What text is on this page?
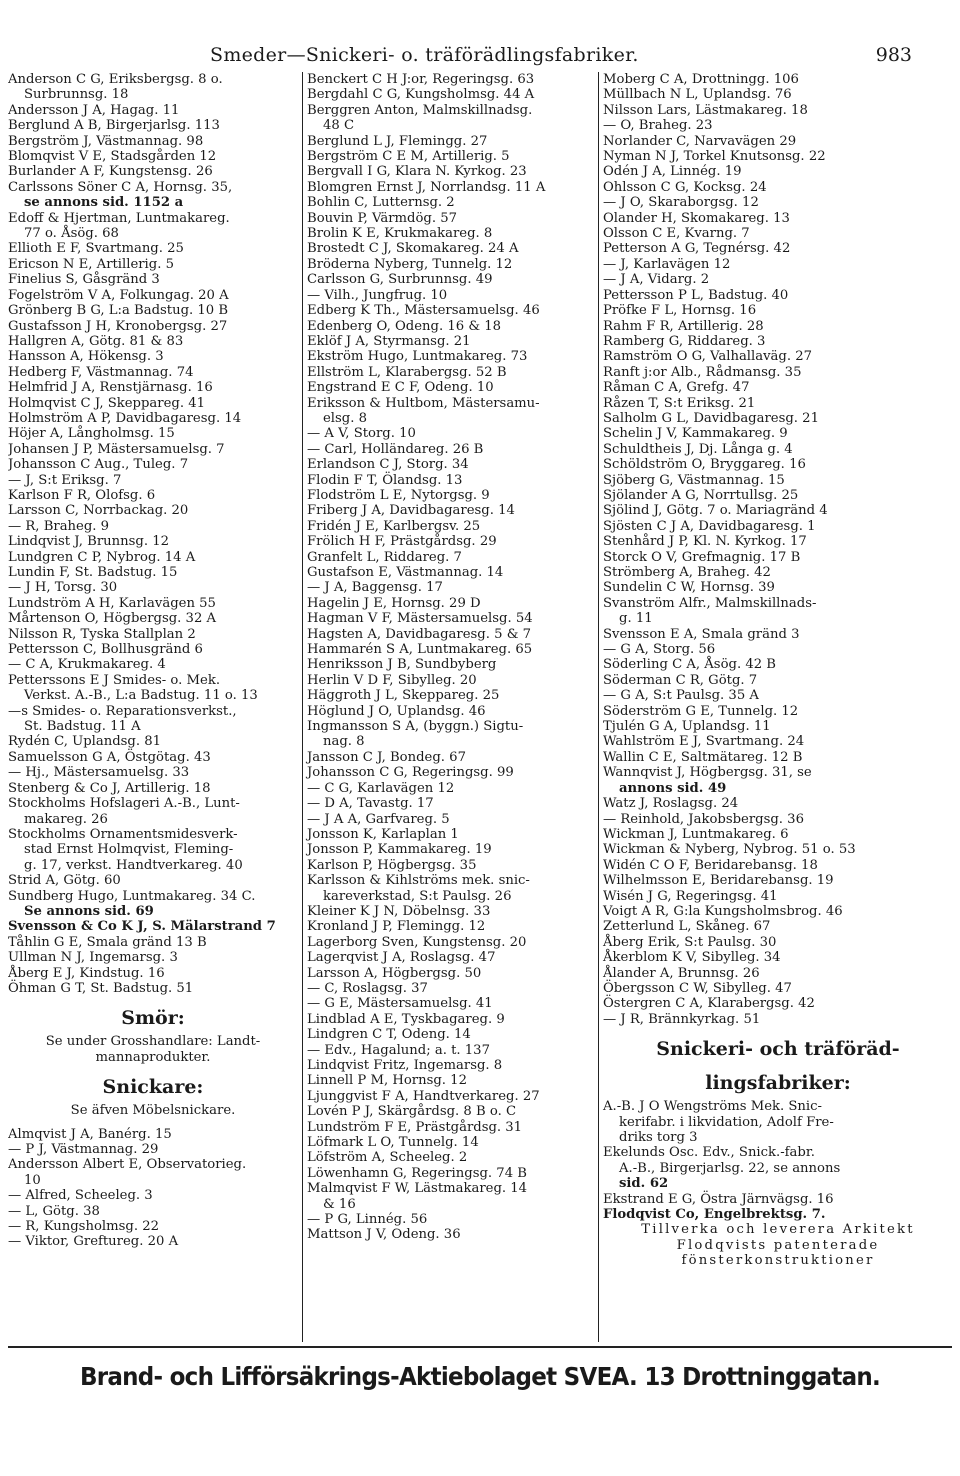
Smeder—Snickeri- o. träförädlingsfabriker.	983
Anderson C G, Eriksbergsg. 8 o.
Surbrunnsg. 18
Andersson J A, Hagag. 11
Berglund A B, Birgerjarlsg. 113
Bergström J, Västmannag. 98
Blomqvist V E, Stadsgården 12
Burlander A F, Kungstensg. 26
Carlssons Söner C A, Hornsg. 35,
se annons sid. 1152 a
Edoff & Hjertman, Luntmakareg.
77 o. Åsög. 68
Ellioth E F, Svartmang. 25
Ericson N E, Artillerig. 5
Finelius S, Gåsgränd 3
Fogelström V A, Folkungag. 20 A
Grönberg B G, L:a Badstug. 10 B
Gustafsson J H, Kronobergsg. 27
Hallgren A, Götg. 81 & 83
Hansson A, Hökensg. 3
Hedberg F, Västmannag. 74
Helmfrid J A, Renstjärnasg. 16
Holmqvist C J, Skeppareg. 41
Holmström A P, Davidbagaresg. 14
Höjer A, Långholmsg. 15
Johansen J P, Mästersamuelsg. 7
Johansson C Aug., Tuleg. 7
— J, S:t Eriksg. 7
Karlson F R, Olofsg. 6
Larsson C, Norrbackag. 20
— R, Braheg. 9
Lindqvist J, Brunnsg. 12
Lundgren C P, Nybrog. 14 A
Lundin F, St. Badstug. 15
— J H, Torsg. 30
Lundström A H, Karlavägen 55
Mårtenson O, Högbergsg. 32 A
Nilsson R, Tyska Stallplan 2
Pettersson C, Bollhusgränd 6
— C A, Krukmakareg. 4
Petterssons E J Smides- o. Mek.
Verkst. A.-B., L:a Badstug. 11 o. 13
—s Smides- o. Reparationsverkst.,
St. Badstug. 11 A
Rydén C, Uplandsg. 81
Samuelsson G A, Östgötag. 43
— Hj., Mästersamuelsg. 33
Stenberg & Co J, Artillerig. 18
Stockholms Hofslageri A.-B., Lunt-
makareg. 26
Stockholms Ornamentsmidesverk-
stad Ernst Holmqvist, Fleming-
g. 17, verkst. Handtverkareg. 40
Strid A, Götg. 60
Sundberg Hugo, Luntmakareg. 34 C.
Se annons sid. 69
Svensson & Co K J, S. Mälarstrand 7
Tåhlin G E, Smala gränd 13 B
Ullman N J, Ingemarsg. 3
Åberg E J, Kindstug. 16
Öhman G T, St. Badstug. 51
Smör:
Se under Grosshandlare: Landt-
mannaprodukter.
Snickare:
Se äfven Möbelsnickare.
Almqvist J A, Banérg. 15
— P J, Västmannag. 29
Andersson Albert E, Observatorieg.
10
— Alfred, Scheeleg. 3
— L, Götg. 38
— R, Kungsholmsg. 22
— Viktor, Greftureg. 20 A
Benckert C H J:or, Regeringsg. 63
Bergdahl C G, Kungsholmsg. 44 A
Berggren Anton, Malmskillnadsg.
48 C
Berglund L J, Flemingg. 27
Bergström C E M, Artillerig. 5
Bergvall I G, Klara N. Kyrkog. 23
Blomgren Ernst J, Norrlandsg. 11 A
Bohlin C, Lutternsg. 2
Bouvin P, Värmdög. 57
Brolin K E, Krukmakareg. 8
Brostedt C J, Skomakareg. 24 A
Bröderna Nyberg, Tunnelg. 12
Carlsson G, Surbrunnsg. 49
— Vilh., Jungfrug. 10
Edberg K Th., Mästersamuelsg. 46
Edenberg O, Odeng. 16 & 18
Eklöf J A, Styrmansg. 21
Ekström Hugo, Luntmakareg. 73
Ellström L, Klarabergsg. 52 B
Engstrand E C F, Odeng. 10
Eriksson & Hultbom, Mästersamu-
elsg. 8
— A V, Storg. 10
— Carl, Holländareg. 26 B
Erlandson C J, Storg. 34
Flodin F T, Ölandsg. 13
Flodström L E, Nytorgsg. 9
Friberg J A, Davidbagaresg. 14
Fridén J E, Karlbergsv. 25
Frölich H F, Prästgårdsg. 29
Granfelt L, Riddareg. 7
Gustafson E, Västmannag. 14
— J A, Baggensg. 17
Hagelin J E, Hornsg. 29 D
Hagman V F, Mästersamuelsg. 54
Hagsten A, Davidbagaresg. 5 & 7
Hammarén S A, Luntmakareg. 65
Henriksson J B, Sundbyberg
Herlin V D F, Sibylleg. 20
Häggroth J L, Skeppareg. 25
Höglund J O, Uplandsg. 46
Ingmansson S A, (byggn.) Sigtu-
nag. 8
Jansson C J, Bondeg. 67
Johansson C G, Regeringsg. 99
— C G, Karlavägen 12
— D A, Tavastg. 17
— J A A, Garfvareg. 5
Jonsson K, Karlaplan 1
Jonsson P, Kammakareg. 19
Karlson P, Högbergsg. 35
Karlsson & Kihlströms mek. snic-
kareverkstad, S:t Paulsg. 26
Kleiner K J N, Döbelnsg. 33
Kronland J P, Flemingg. 12
Lagerborg Sven, Kungstensg. 20
Lagerqvist J A, Roslagsg. 47
Larsson A, Högbergsg. 50
— C, Roslagsg. 37
— G E, Mästersamuelsg. 41
Lindblad A E, Tyskbagareg. 9
Lindgren C T, Odeng. 14
— Edv., Hagalund; a. t. 137
Lindqvist Fritz, Ingemarsg. 8
Linnell P M, Hornsg. 12
Ljunggvist F A, Handtverkareg. 27
Lovén P J, Skärgårdsg. 8 B o. C
Lundström F E, Prästgårdsg. 31
Löfmark L O, Tunnelg. 14
Löfström A, Scheeleg. 2
Löwenhamn G, Regeringsg. 74 B
Malmqvist F W, Lästmakareg. 14
& 16
— P G, Linnég. 56
Mattson J V, Odeng. 36
Moberg C A, Drottningg. 106
Müllbach N L, Uplandsg. 76
Nilsson Lars, Lästmakareg. 18
— O, Braheg. 23
Norlander C, Narvavägen 29
Nyman N J, Torkel Knutsonsg. 22
Odén J A, Linnég. 19
Ohlsson C G, Kocksg. 24
— J O, Skaraborgsg. 12
Olander H, Skomakareg. 13
Olsson C E, Kvarng. 7
Petterson A G, Tegnérsg. 42
— J, Karlavägen 12
— J A, Vidarg. 2
Pettersson P L, Badstug. 40
Pröfke F L, Hornsg. 16
Rahm F R, Artillerig. 28
Ramberg G, Riddareg. 3
Ramström O G, Valhallaväg. 27
Ranft j:or Alb., Rådmansg. 35
Råman C A, Grefg. 47
Råzen T, S:t Eriksg. 21
Salholm G L, Davidbagaresg. 21
Schelin J V, Kammakareg. 9
Schuldtheis J, Dj. Långa g. 4
Schöldström O, Bryggareg. 16
Sjöberg G, Västmannag. 15
Sjölander A G, Norrtullsg. 25
Sjölind J, Götg. 7 o. Mariagränd 4
Sjösten C J A, Davidbagaresg. 1
Stenhård J P, Kl. N. Kyrkog. 17
Storck O V, Grefmagnig. 17 B
Strömberg A, Braheg. 42
Sundelin C W, Hornsg. 39
Svanström Alfr., Malmskillnads-
g. 11
Svensson E A, Smala gränd 3
— G A, Storg. 56
Söderling C A, Åsög. 42 B
Söderman C R, Götg. 7
— G A, S:t Paulsg. 35 A
Söderström G E, Tunnelg. 12
Tjulén G A, Uplandsg. 11
Wahlström E J, Svartmang. 24
Wallin C E, Saltmätareg. 12 B
Wannqvist J, Högbergsg. 31, se
annons sid. 49
Watz J, Roslagsg. 24
— Reinhold, Jakobsbergsg. 36
Wickman J, Luntmakareg. 6
Wickman & Nyberg, Nybrog. 51 o. 53
Widén C O F, Beridarebansg. 18
Wilhelmsson E, Beridarebansg. 19
Wisén J G, Regeringsg. 41
Voigt A R, G:la Kungsholmsbrog. 46
Zetterlund L, Skåneg. 67
Åberg Erik, S:t Paulsg. 30
Åkerblom K V, Sibylleg. 34
Ålander A, Brunnsg. 26
Öbergsson C W, Sibylleg. 47
Östergren C A, Klarabergsg. 42
— J R, Brännkyrkag. 51
Snickeri- och träföräd-
lingsfabriker:
A.-B. J O Wengströms Mek. Snic-
kerifabr. i likvidation, Adolf Fre-
driks torg 3
Ekelunds Osc. Edv., Snick.-fabr.
A.-B., Birgerjarlsg. 22, se annons
sid. 62
Ekstrand E G, Östra Järnvägsg. 16
Flodqvist Co, Engelbrektsg. 7.
Tillverka och leverera Arkitekt
Flodqvists patenterade
fönsterkonstruktioner
Brand- och Lifförsäkrings-Aktiebolaget SVEA. 13 Drottninggatan.
